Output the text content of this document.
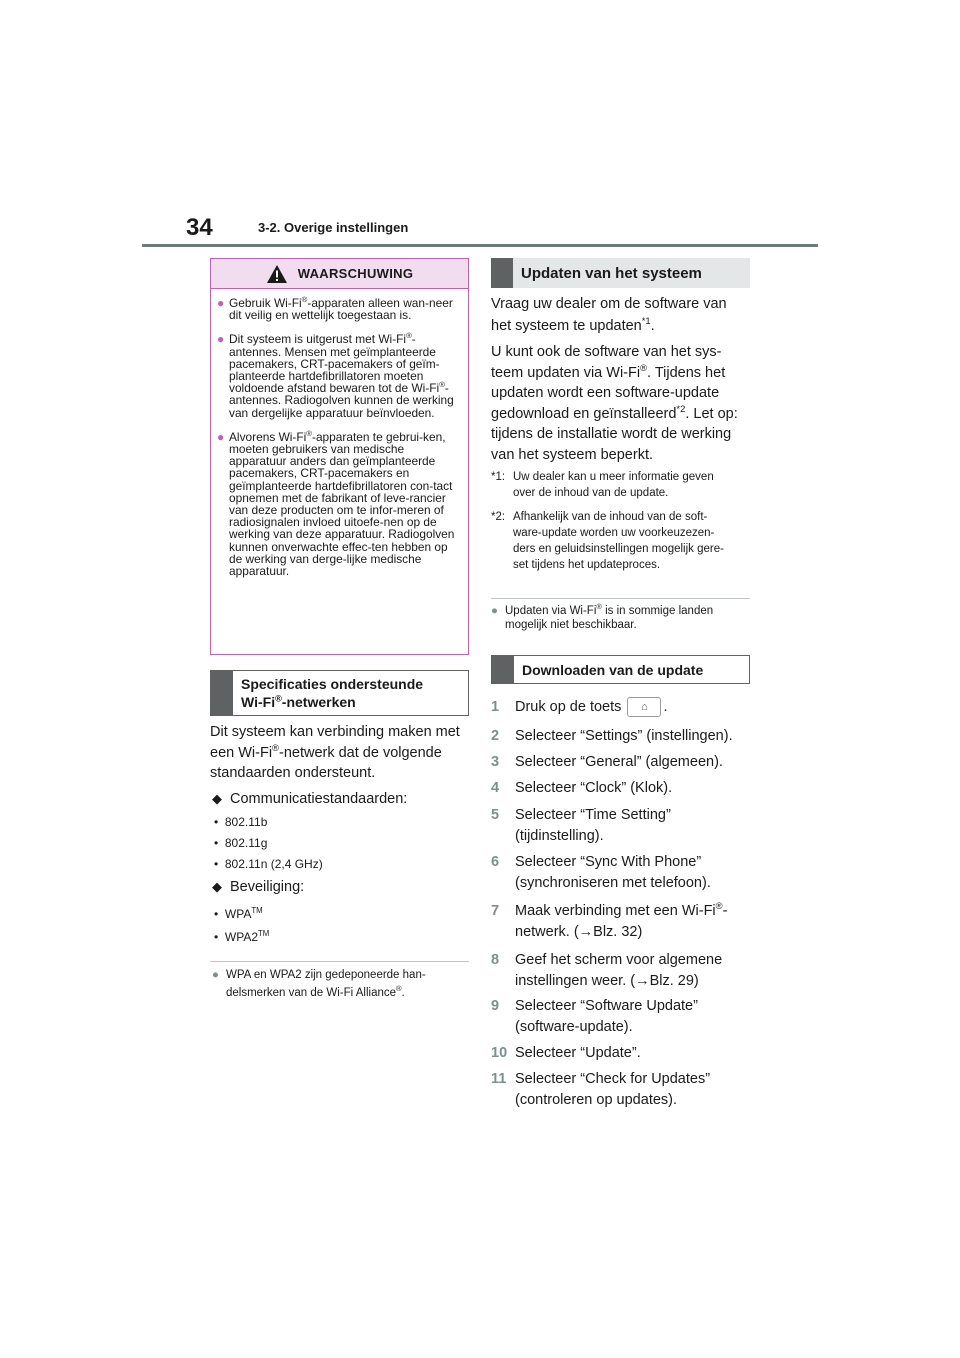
34	3-2. Overige instellingen
WAARSCHUWING
● Gebruik Wi-Fi®-apparaten alleen wan-neer dit veilig en wettelijk toegestaan is.
● Dit systeem is uitgerust met Wi-Fi®-antennes. Mensen met geïmplanteerde pacemakers, CRT-pacemakers of geïm-planteerde hartdefibrillatoren moeten voldoende afstand bewaren tot de Wi-Fi®-antennes. Radiogolven kunnen de werking van dergelijke apparatuur beïnvloeden.
● Alvorens Wi-Fi®-apparaten te gebrui-ken, moeten gebruikers van medische apparatuur anders dan geïmplanteerde pacemakers, CRT-pacemakers en geïmplanteerde hartdefibrillatoren con-tact opnemen met de fabrikant of leve-rancier van deze producten om te infor-meren of radiosignalen invloed uitoefe-nen op de werking van deze apparatuur. Radiogolven kunnen onverwachte effec-ten hebben op de werking van derge-lijke medische apparatuur.
Specificaties ondersteunde
Wi-Fi®-netwerken
Dit systeem kan verbinding maken met
een Wi-Fi®-netwerk dat de volgende
standaarden ondersteunt.
◆ Communicatiestandaarden:
•  802.11b
•  802.11g
•  802.11n (2,4 GHz)
◆ Beveiliging:
•  WPA™
•  WPA2™
● WPA en WPA2 zijn gedeponeerde han-
delsmerken van de Wi-Fi Alliance®.
Updaten van het systeem
Vraag uw dealer om de software van
het systeem te updaten$^{*1}$.
U kunt ook de software van het sys-
teem updaten via Wi-Fi®. Tijdens het
updaten wordt een software-update
gedownload en geïnstalleerd$^{*2}$. Let op:
tijdens de installatie wordt de werking
van het systeem beperkt.
*1: Uw dealer kan u meer informatie geven
over de inhoud van de update.
*2: Afhankelijk van de inhoud van de soft-
ware-update worden uw voorkeuzezen-
ders en geluidsinstellingen mogelijk gere-
set tijdens het updateproces.
● Updaten via Wi-Fi® is in sommige landen
mogelijk niet beschikbaar.
Downloaden van de update
1	Druk op de toets ⌂ .
2	Selecteer “Settings” (instellingen).
3	Selecteer “General” (algemeen).
4	Selecteer “Clock” (Klok).
5	Selecteer “Time Setting”
(tijdinstelling).
6	Selecteer “Sync With Phone”
(synchroniseren met telefoon).
7	Maak verbinding met een Wi-Fi®-
netwerk. (→Blz. 32)
8	Geef het scherm voor algemene
instellingen weer. (→Blz. 29)
9	Selecteer “Software Update”
(software-update).
10 Selecteer “Update”.
11 Selecteer “Check for Updates”
(controleren op updates).
